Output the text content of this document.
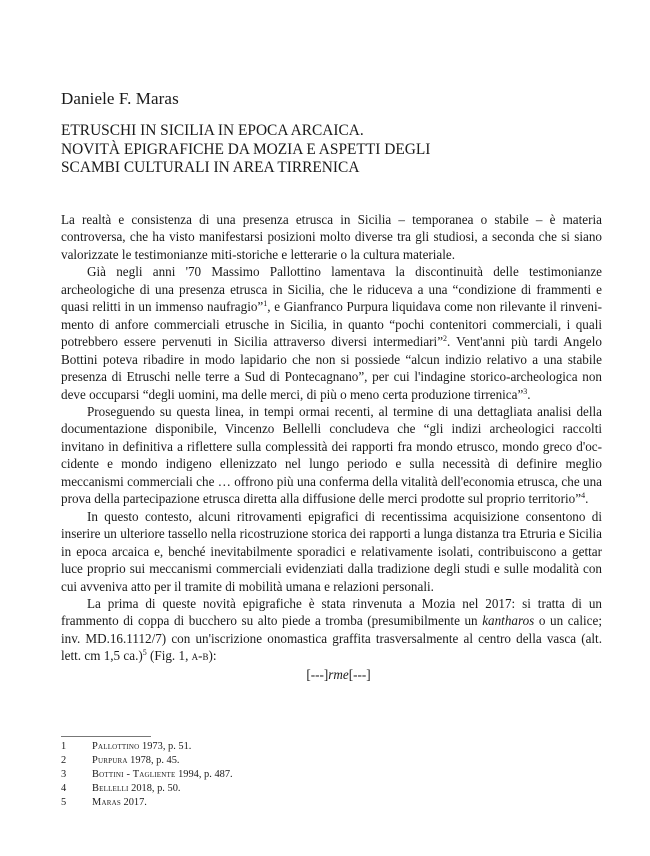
Daniele F. Maras
ETRUSCHI IN SICILIA IN EPOCA ARCAICA.
NOVITÀ EPIGRAFICHE DA MOZIA E ASPETTI DEGLI
SCAMBI CULTURALI IN AREA TIRRENICA

La realtà e consistenza di una presenza etrusca in Sicilia – temporanea o stabile – è materia controversa, che ha visto manifestarsi posizioni molto diverse tra gli studiosi, a seconda che si siano valorizzate le testimonianze miti-storiche e letterarie o la cultura materiale.

Già negli anni '70 Massimo Pallottino lamentava la discontinuità delle testimonianze archeologiche di una presenza etrusca in Sicilia, che le riduceva a una “condizione di frammenti e quasi relitti in un immenso naufragio”$^1$, e Gianfranco Purpura liquidava come non rilevante il rinvenimento di anfore commerciali etrusche in Sicilia, in quanto “pochi contenitori commerciali, i quali potrebbero essere pervenuti in Sicilia attraverso diversi intermediari”$^2$. Vent'anni più tardi Angelo Bottini poteva ribadire in modo lapidario che non si possiede “alcun indizio relativo a una stabile presenza di Etruschi nelle terre a Sud di Pontecagnano”, per cui l'indagine storico-archeologica non deve occuparsi “degli uomini, ma delle merci, di più o meno certa produzione tirrenica”$^3$.

Proseguendo su questa linea, in tempi ormai recenti, al termine di una dettagliata analisi della documentazione disponibile, Vincenzo Bellelli concludeva che “gli indizi archeologici raccolti invitano in definitiva a riflettere sulla complessità dei rapporti fra mondo etrusco, mondo greco d'occidente e mondo indigeno ellenizzato nel lungo periodo e sulla necessità di definire meglio meccanismi commerciali che … offrono più una conferma della vitalità dell'economia etrusca, che una prova della partecipazione etrusca diretta alla diffusione delle merci prodotte sul proprio territorio”$^4$.

In questo contesto, alcuni ritrovamenti epigrafici di recentissima acquisizione consentono di inserire un ulteriore tassello nella ricostruzione storica dei rapporti a lunga distanza tra Etruria e Sicilia in epoca arcaica e, benché inevitabilmente sporadici e relativamente isolati, contribuiscono a gettar luce proprio sui meccanismi commerciali evidenziati dalla tradizione degli studi e sulle modalità con cui avveniva atto per il tramite di mobilità umana e relazioni personali.

La prima di queste novità epigrafiche è stata rinvenuta a Mozia nel 2017: si tratta di un frammento di coppa di bucchero su alto piede a tromba (presumibilmente un kantharos o un calice; inv. MD.16.1112/7) con un'iscrizione onomastica graffita trasversalmente al centro della vasca (alt. lett. cm 1,5 ca.)$^5$ (Fig. 1, a-b):

[---]rme[---]
1	Pallottino 1973, p. 51.
2	Purpura 1978, p. 45.
3	Bottini - Tagliente 1994, p. 487.
4	Bellelli 2018, p. 50.
5	Maras 2017.
